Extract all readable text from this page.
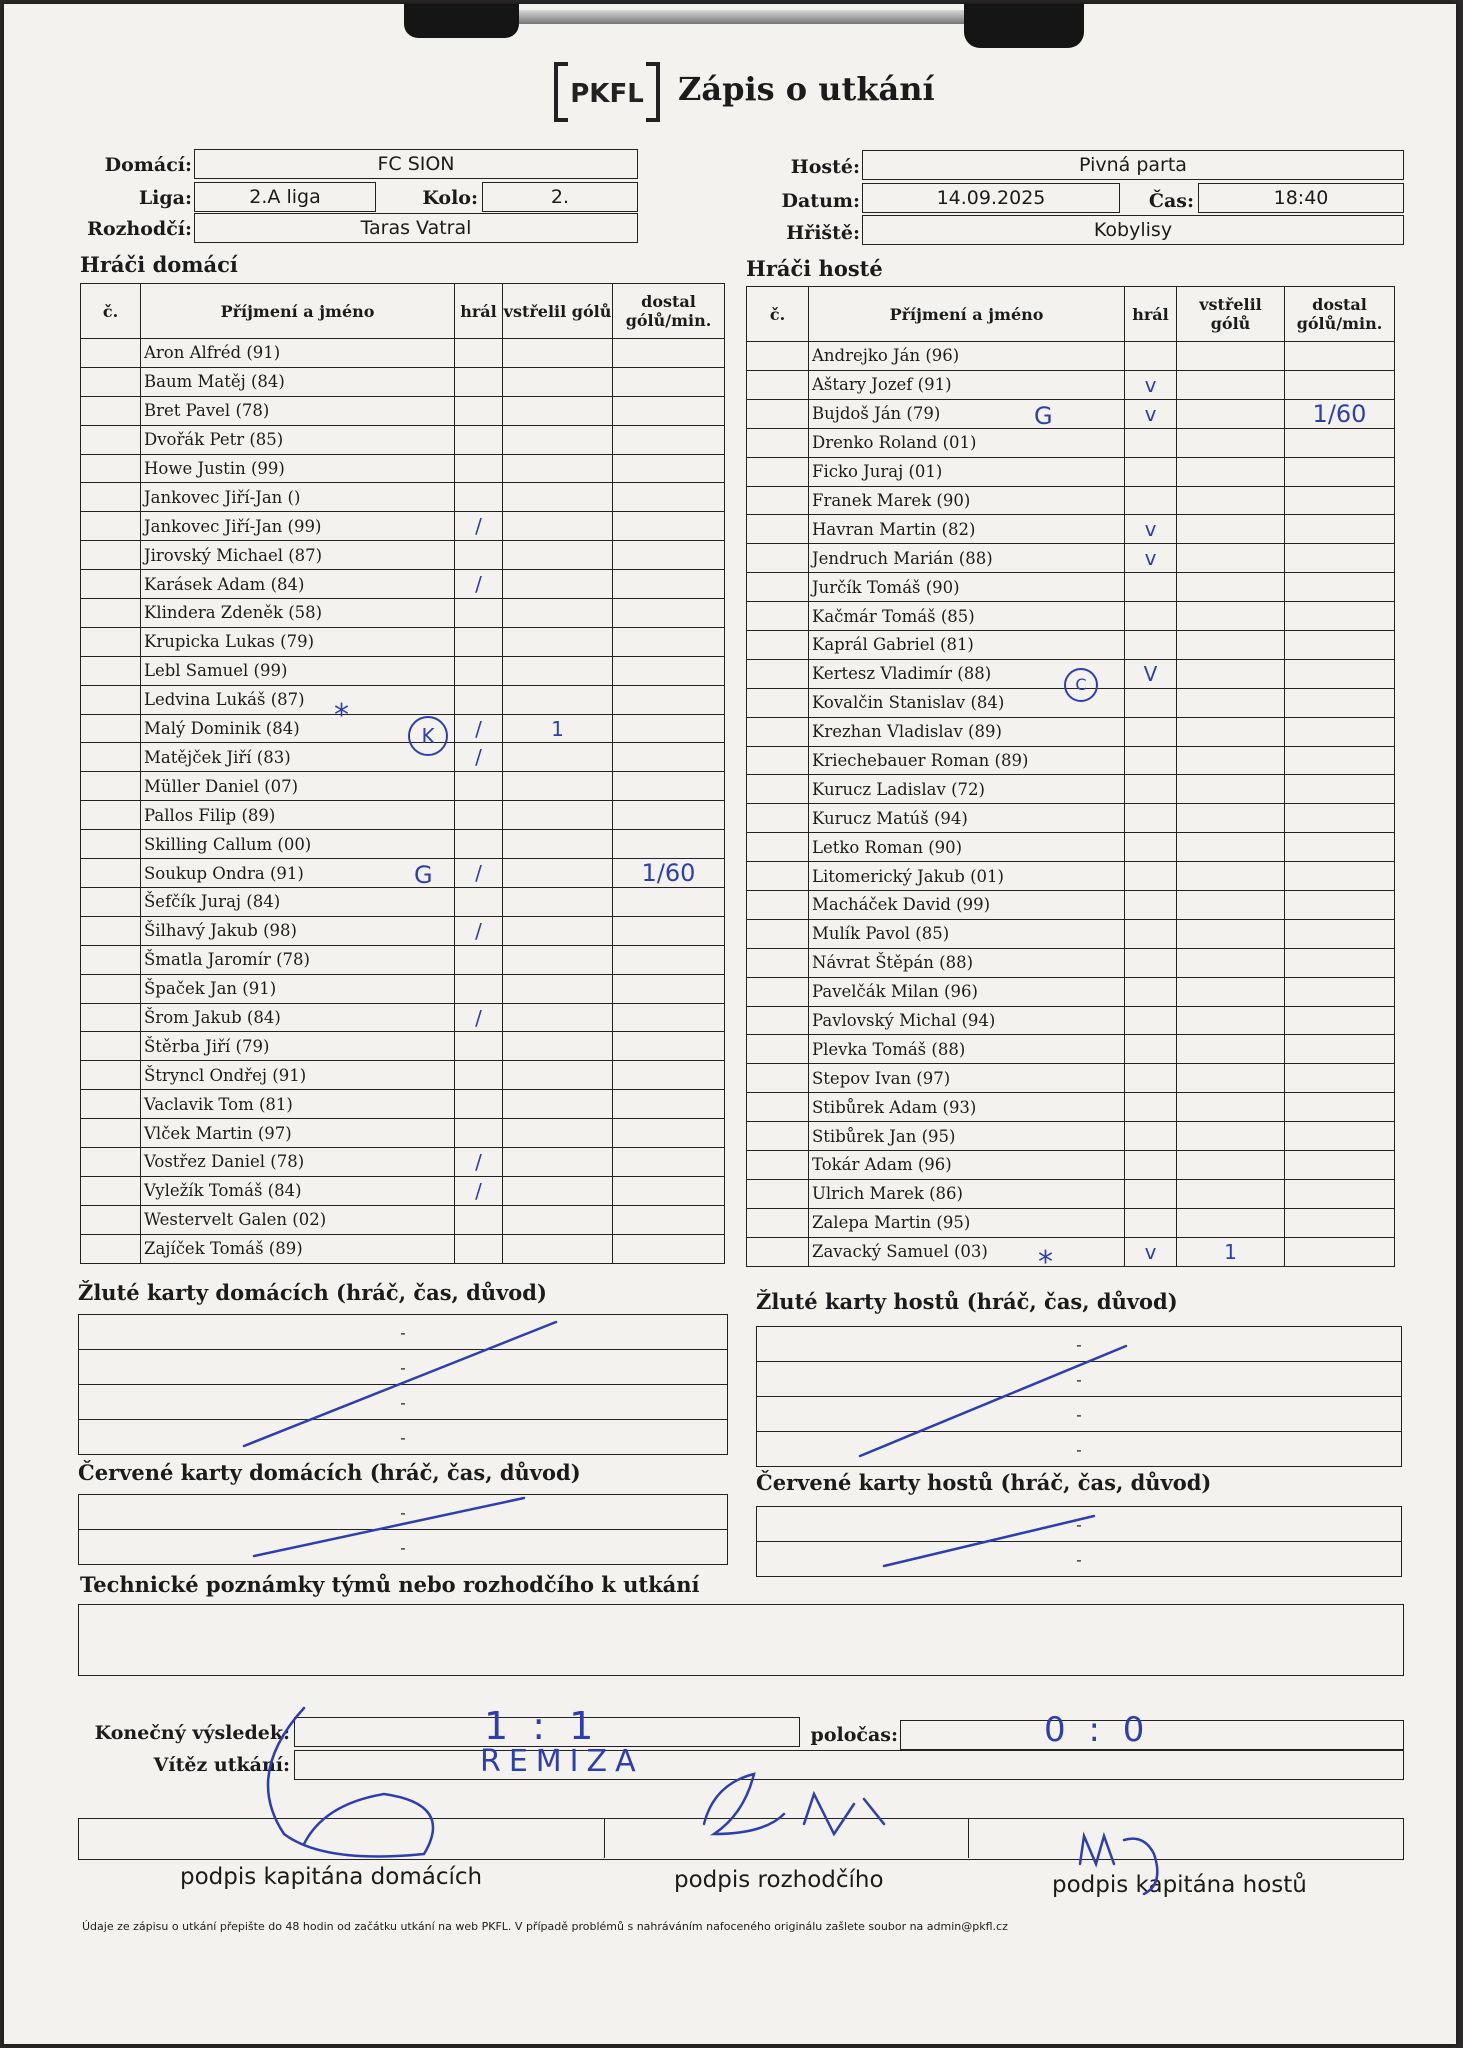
PKFL Zápis o utkání
Domácí:	FC SION
Liga:	2.A liga	Kolo:	2.
Rozhodčí:	Taras Vatral
Hosté:	Pivná parta
Datum:	14.09.2025	Čas:	18:40
Hřiště:	Kobylisy
Hráči domácí	Hráči hosté
č.	Příjmení a jméno	hrál	vstřelil gólů	dostal gólů/min.
	Aron Alfréd (91)			
	Baum Matěj (84)			
	Bret Pavel (78)			
	Dvořák Petr (85)			
	Howe Justin (99)			
	Jankovec Jiří-Jan ()			
	Jankovec Jiří-Jan (99)	/		
	Jirovský Michael (87)			
	Karásek Adam (84)	/		
	Klindera Zdeněk (58)			
	Krupicka Lukas (79)			
	Lebl Samuel (99)			
	Ledvina Lukáš (87)			
	Malý Dominik (84)	/	1	
	Matějček Jiří (83)	/		
	Müller Daniel (07)			
	Pallos Filip (89)			
	Skilling Callum (00)			
	Soukup Ondra (91)	/		1/60
	Šefčík Juraj (84)			
	Šilhavý Jakub (98)	/		
	Šmatla Jaromír (78)			
	Špaček Jan (91)			
	Šrom Jakub (84)	/		
	Štěrba Jiří (79)			
	Štryncl Ondřej (91)			
	Vaclavik Tom (81)			
	Vlček Martin (97)			
	Vostřez Daniel (78)	/		
	Vyležík Tomáš (84)	/		
	Westervelt Galen (02)			
	Zajíček Tomáš (89)			
č.	Příjmení a jméno	hrál	vstřelil gólů	dostal gólů/min.
	Andrejko Ján (96)			
	Aštary Jozef (91)	v		
	Bujdoš Ján (79)	v		1/60
	Drenko Roland (01)			
	Ficko Juraj (01)			
	Franek Marek (90)			
	Havran Martin (82)	v		
	Jendruch Marián (88)	v		
	Jurčík Tomáš (90)			
	Kačmár Tomáš (85)			
	Kaprál Gabriel (81)			
	Kertesz Vladimír (88)	V		
	Kovalčin Stanislav (84)			
	Krezhan Vladislav (89)			
	Kriechebauer Roman (89)			
	Kurucz Ladislav (72)			
	Kurucz Matúš (94)			
	Letko Roman (90)			
	Litomerický Jakub (01)			
	Macháček David (99)			
	Mulík Pavol (85)			
	Návrat Štěpán (88)			
	Pavelčák Milan (96)			
	Pavlovský Michal (94)			
	Plevka Tomáš (88)			
	Stepov Ivan (97)			
	Stibůrek Adam (93)			
	Stibůrek Jan (95)			
	Tokár Adam (96)			
	Ulrich Marek (86)			
	Zalepa Martin (95)			
	Zavacký Samuel (03)	v	1	
*
K
G
G
C
*
Žluté karty domácích (hráč, čas, důvod)
-
-
-
-
Žluté karty hostů (hráč, čas, důvod)
-
-
-
-
Červené karty domácích (hráč, čas, důvod)
-
-
Červené karty hostů (hráč, čas, důvod)
-
-
Technické poznámky týmů nebo rozhodčího k utkání
Konečný výsledek:	1 : 1	poločas:	0 : 0
Vítěz utkání:	REMIZA
podpis kapitána domácích	podpis rozhodčího	podpis kapitána hostů
Údaje ze zápisu o utkání přepište do 48 hodin od začátku utkání na web PKFL. V případě problémů s nahráváním nafoceného originálu zašlete soubor na admin@pkfl.cz
